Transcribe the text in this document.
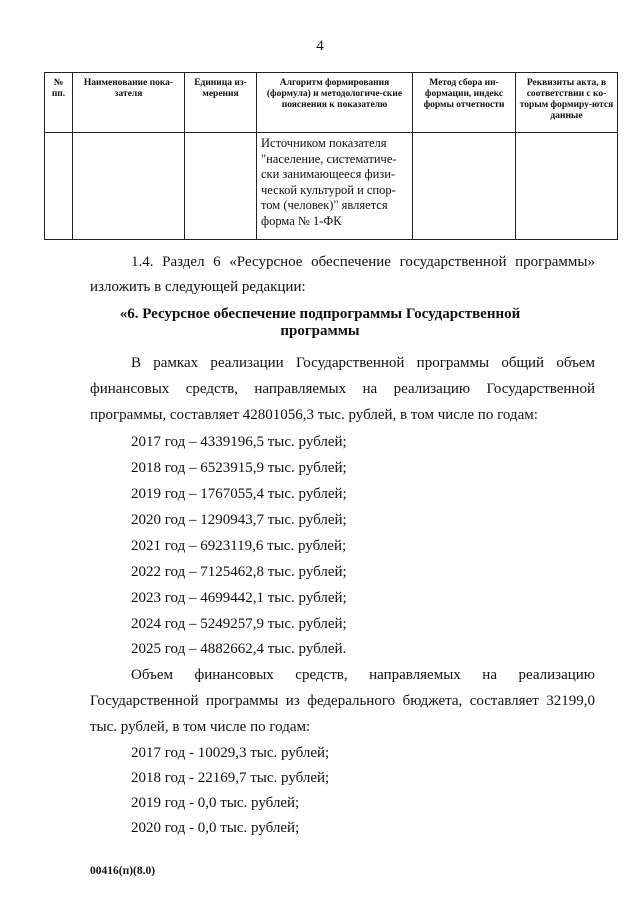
4
№ пп.	Наименование пока-зателя	Единица из-мерения	Алгоритм формирования (формула) и методологиче-ские пояснения к показателю	Метод сбора ин-формации, индекс формы отчетности	Реквизиты акта, в соответствии с ко-торым формиру-ются данные
			Источником показателя "население, систематиче-ски занимающееся физи-ческой культурой и спор-том (человек)" является форма № 1-ФК		
1.4. Раздел 6 «Ресурсное обеспечение государственной программы»
изложить в следующей редакции:
«6. Ресурсное обеспечение подпрограммы Государственной
программы
В рамках реализации Государственной программы общий объем
финансовых средств, направляемых на реализацию Государственной
программы, составляет 42801056,3 тыс. рублей, в том числе по годам:
2017 год – 4339196,5 тыс. рублей;
2018 год – 6523915,9 тыс. рублей;
2019 год – 1767055,4 тыс. рублей;
2020 год – 1290943,7 тыс. рублей;
2021 год – 6923119,6 тыс. рублей;
2022 год – 7125462,8 тыс. рублей;
2023 год – 4699442,1 тыс. рублей;
2024 год – 5249257,9 тыс. рублей;
2025 год – 4882662,4 тыс. рублей.
Объем финансовых средств, направляемых на реализацию
Государственной программы из федерального бюджета, составляет 32199,0
тыс. рублей, в том числе по годам:
2017 год - 10029,3 тыс. рублей;
2018 год - 22169,7 тыс. рублей;
2019 год - 0,0 тыс. рублей;
2020 год - 0,0 тыс. рублей;
00416(п)(8.0)
